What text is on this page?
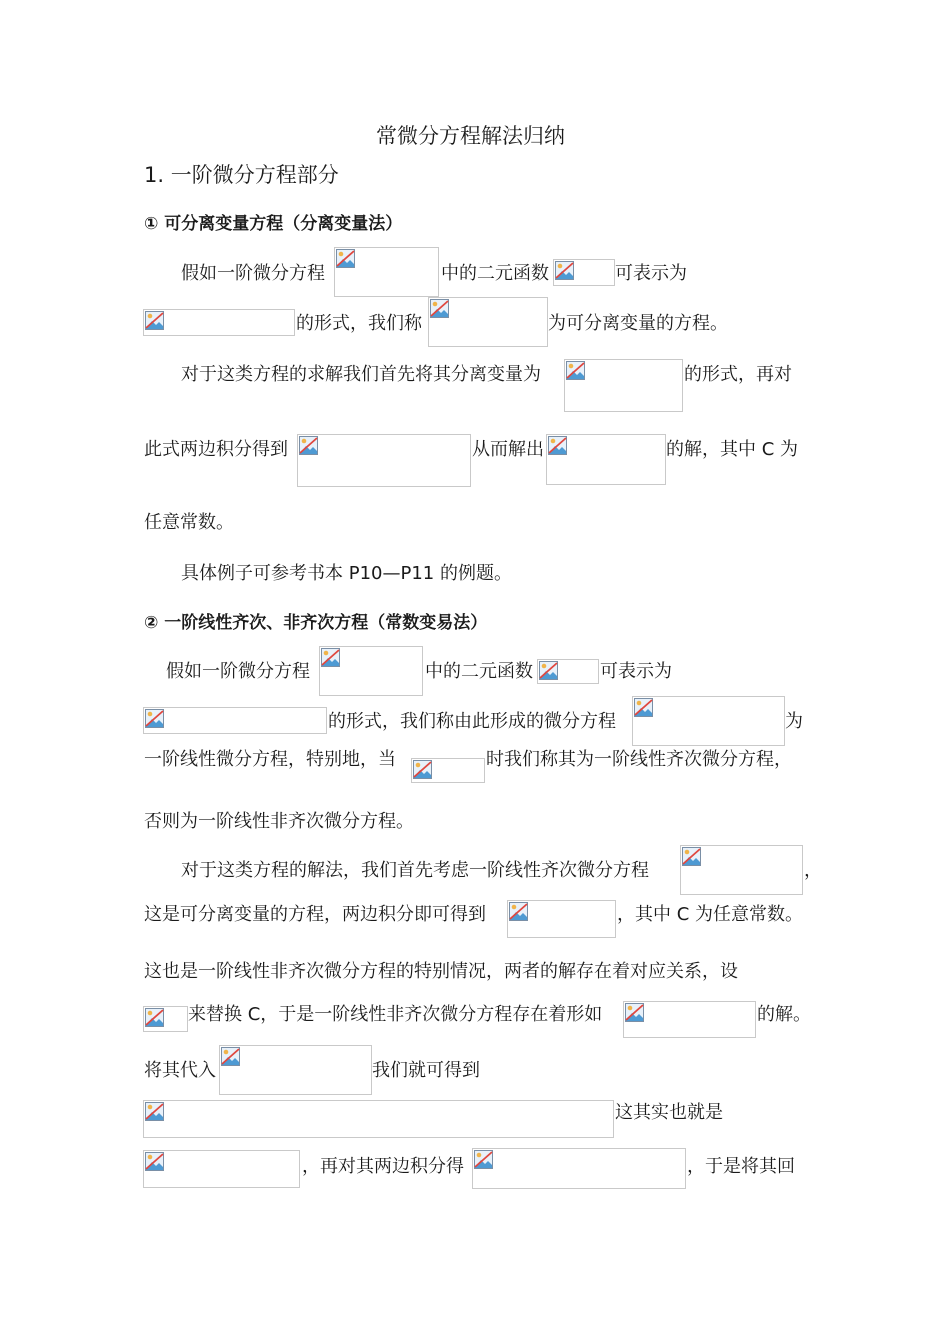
常微分方程解法归纳
1. 一阶微分方程部分
① 可分离变量方程（分离变量法）
假如一阶微分方程	中的二元函数	可表示为
的形式，我们称	为可分离变量的方程。
对于这类方程的求解我们首先将其分离变量为	的形式，再对
此式两边积分得到	从而解出	的解，其中 C 为
任意常数。
具体例子可参考书本 P10—P11 的例题。
② 一阶线性齐次、非齐次方程（常数变易法）
假如一阶微分方程	中的二元函数	可表示为
的形式，我们称由此形成的微分方程	为
一阶线性微分方程，特别地，当	时我们称其为一阶线性齐次微分方程，
否则为一阶线性非齐次微分方程。
对于这类方程的解法，我们首先考虑一阶线性齐次微分方程	，
这是可分离变量的方程，两边积分即可得到	，其中 C 为任意常数。
这也是一阶线性非齐次微分方程的特别情况，两者的解存在着对应关系，设
来替换 C，于是一阶线性非齐次微分方程存在着形如	的解。
将其代入	我们就可得到
这其实也就是
，再对其两边积分得	，于是将其回
